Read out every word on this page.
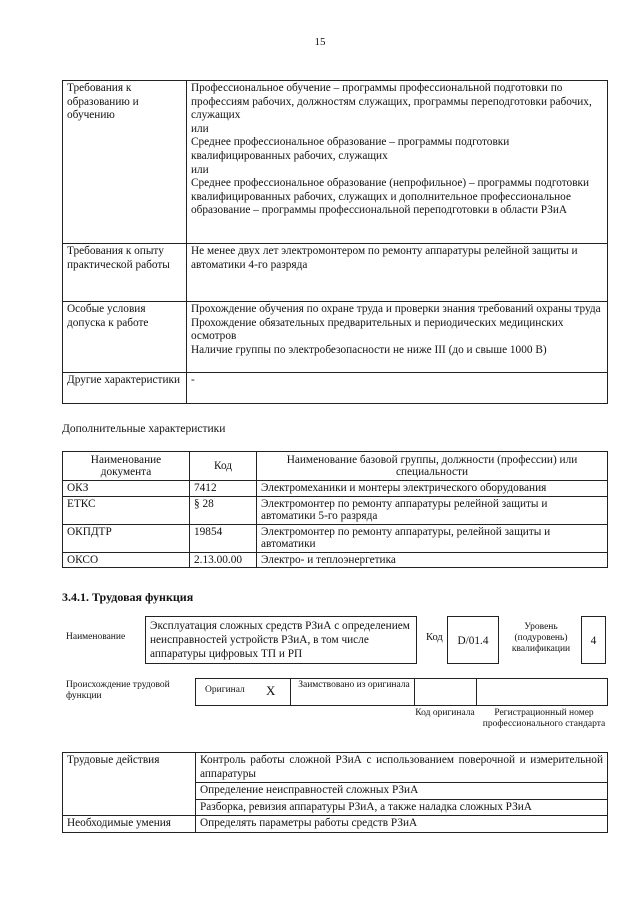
15
Требования к образованию и обучению	Профессиональное обучение – программы профессиональной подготовки по профессиям рабочих, должностям служащих, программы переподготовки рабочих, служащих
или
Среднее профессиональное образование – программы подготовки квалифицированных рабочих, служащих
или
Среднее профессиональное образование (непрофильное) – программы подготовки квалифицированных рабочих, служащих и дополнительное профессиональное образование – программы профессиональной переподготовки в области РЗиА

Требования к опыту практической работы	Не менее двух лет электромонтером по ремонту аппаратуры релейной защиты и автоматики 4-го разряда

Особые условия допуска к работе	Прохождение обучения по охране труда и проверки знания требований охраны труда
Прохождение обязательных предварительных и периодических медицинских осмотров
Наличие группы по электробезопасности не ниже III (до и свыше 1000 В)

Другие характеристики	-
Дополнительные характеристики
Наименование документа	Код	Наименование базовой группы, должности (профессии) или специальности
ОКЗ	7412	Электромеханики и монтеры электрического оборудования
ЕТКС	§ 28	Электромонтер по ремонту аппаратуры релейной защиты и автоматики 5-го разряда
ОКПДТР	19854	Электромонтер по ремонту аппаратуры, релейной защиты и автоматики
ОКСО	2.13.00.00	Электро- и теплоэнергетика
3.4.1. Трудовая функция
Наименование
Эксплуатация сложных средств РЗиА с определением неисправностей устройств РЗиА, в том числе аппаратуры цифровых ТП и РП
Код	D/01.4
Уровень (подуровень) квалификации
4
Происхождение трудовой функции
Оригинал X Заимствовано из оригинала
Код оригинала	Регистрационный номер профессионального стандарта
Трудовые действия	Контроль работы сложной РЗиА с использованием поверочной и измерительной аппаратуры
	Определение неисправностей сложных РЗиА
	Разборка, ревизия аппаратуры РЗиА, а также наладка сложных РЗиА
Необходимые умения	Определять параметры работы средств РЗиА
